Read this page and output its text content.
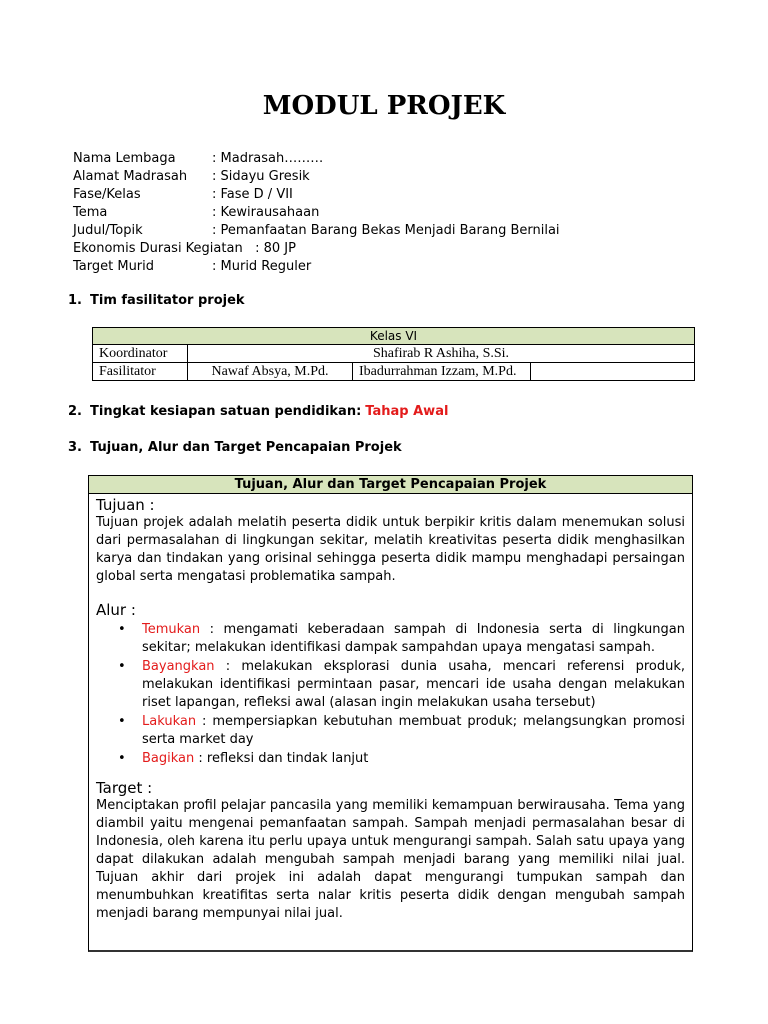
MODUL PROJEK
Nama Lembaga	: Madrasah………
Alamat Madrasah : Sidayu Gresik
Fase/Kelas	: Fase D / VII
Tema	: Kewirausahaan
Judul/Topik	: Pemanfaatan Barang Bekas Menjadi Barang Bernilai
Ekonomis Durasi Kegiatan : 80 JP
Target Murid	: Murid Reguler
1. Tim fasilitator projek
Kelas VI			
Koordinator	Shafirab R Ashiha, S.Si.		
Fasilitator	Nawaf Absya, M.Pd.	Ibadurrahman Izzam, M.Pd.	
2. Tingkat kesiapan satuan pendidikan: Tahap Awal
3. Tujuan, Alur dan Target Pencapaian Projek
Tujuan, Alur dan Target Pencapaian Projek
Tujuan :
Tujuan projek adalah melatih peserta didik untuk berpikir kritis dalam menemukan solusi dari permasalahan di lingkungan sekitar, melatih kreativitas peserta didik menghasilkan karya dan tindakan yang orisinal sehingga peserta didik mampu menghadapi persaingan global serta mengatasi problematika sampah.
Alur :
• Temukan : mengamati keberadaan sampah di Indonesia serta di lingkungan sekitar; melakukan identifikasi dampak sampahdan upaya mengatasi sampah.
• Bayangkan : melakukan eksplorasi dunia usaha, mencari referensi produk, melakukan identifikasi permintaan pasar, mencari ide usaha dengan melakukan riset lapangan, refleksi awal (alasan ingin melakukan usaha tersebut)
• Lakukan : mempersiapkan kebutuhan membuat produk; melangsungkan promosi serta market day
• Bagikan : refleksi dan tindak lanjut
Target :
Menciptakan profil pelajar pancasila yang memiliki kemampuan berwirausaha. Tema yang diambil yaitu mengenai pemanfaatan sampah. Sampah menjadi permasalahan besar di Indonesia, oleh karena itu perlu upaya untuk mengurangi sampah. Salah satu upaya yang dapat dilakukan adalah mengubah sampah menjadi barang yang memiliki nilai jual. Tujuan akhir dari projek ini adalah dapat mengurangi tumpukan sampah dan menumbuhkan kreatifitas serta nalar kritis peserta didik dengan mengubah sampah menjadi barang mempunyai nilai jual.
